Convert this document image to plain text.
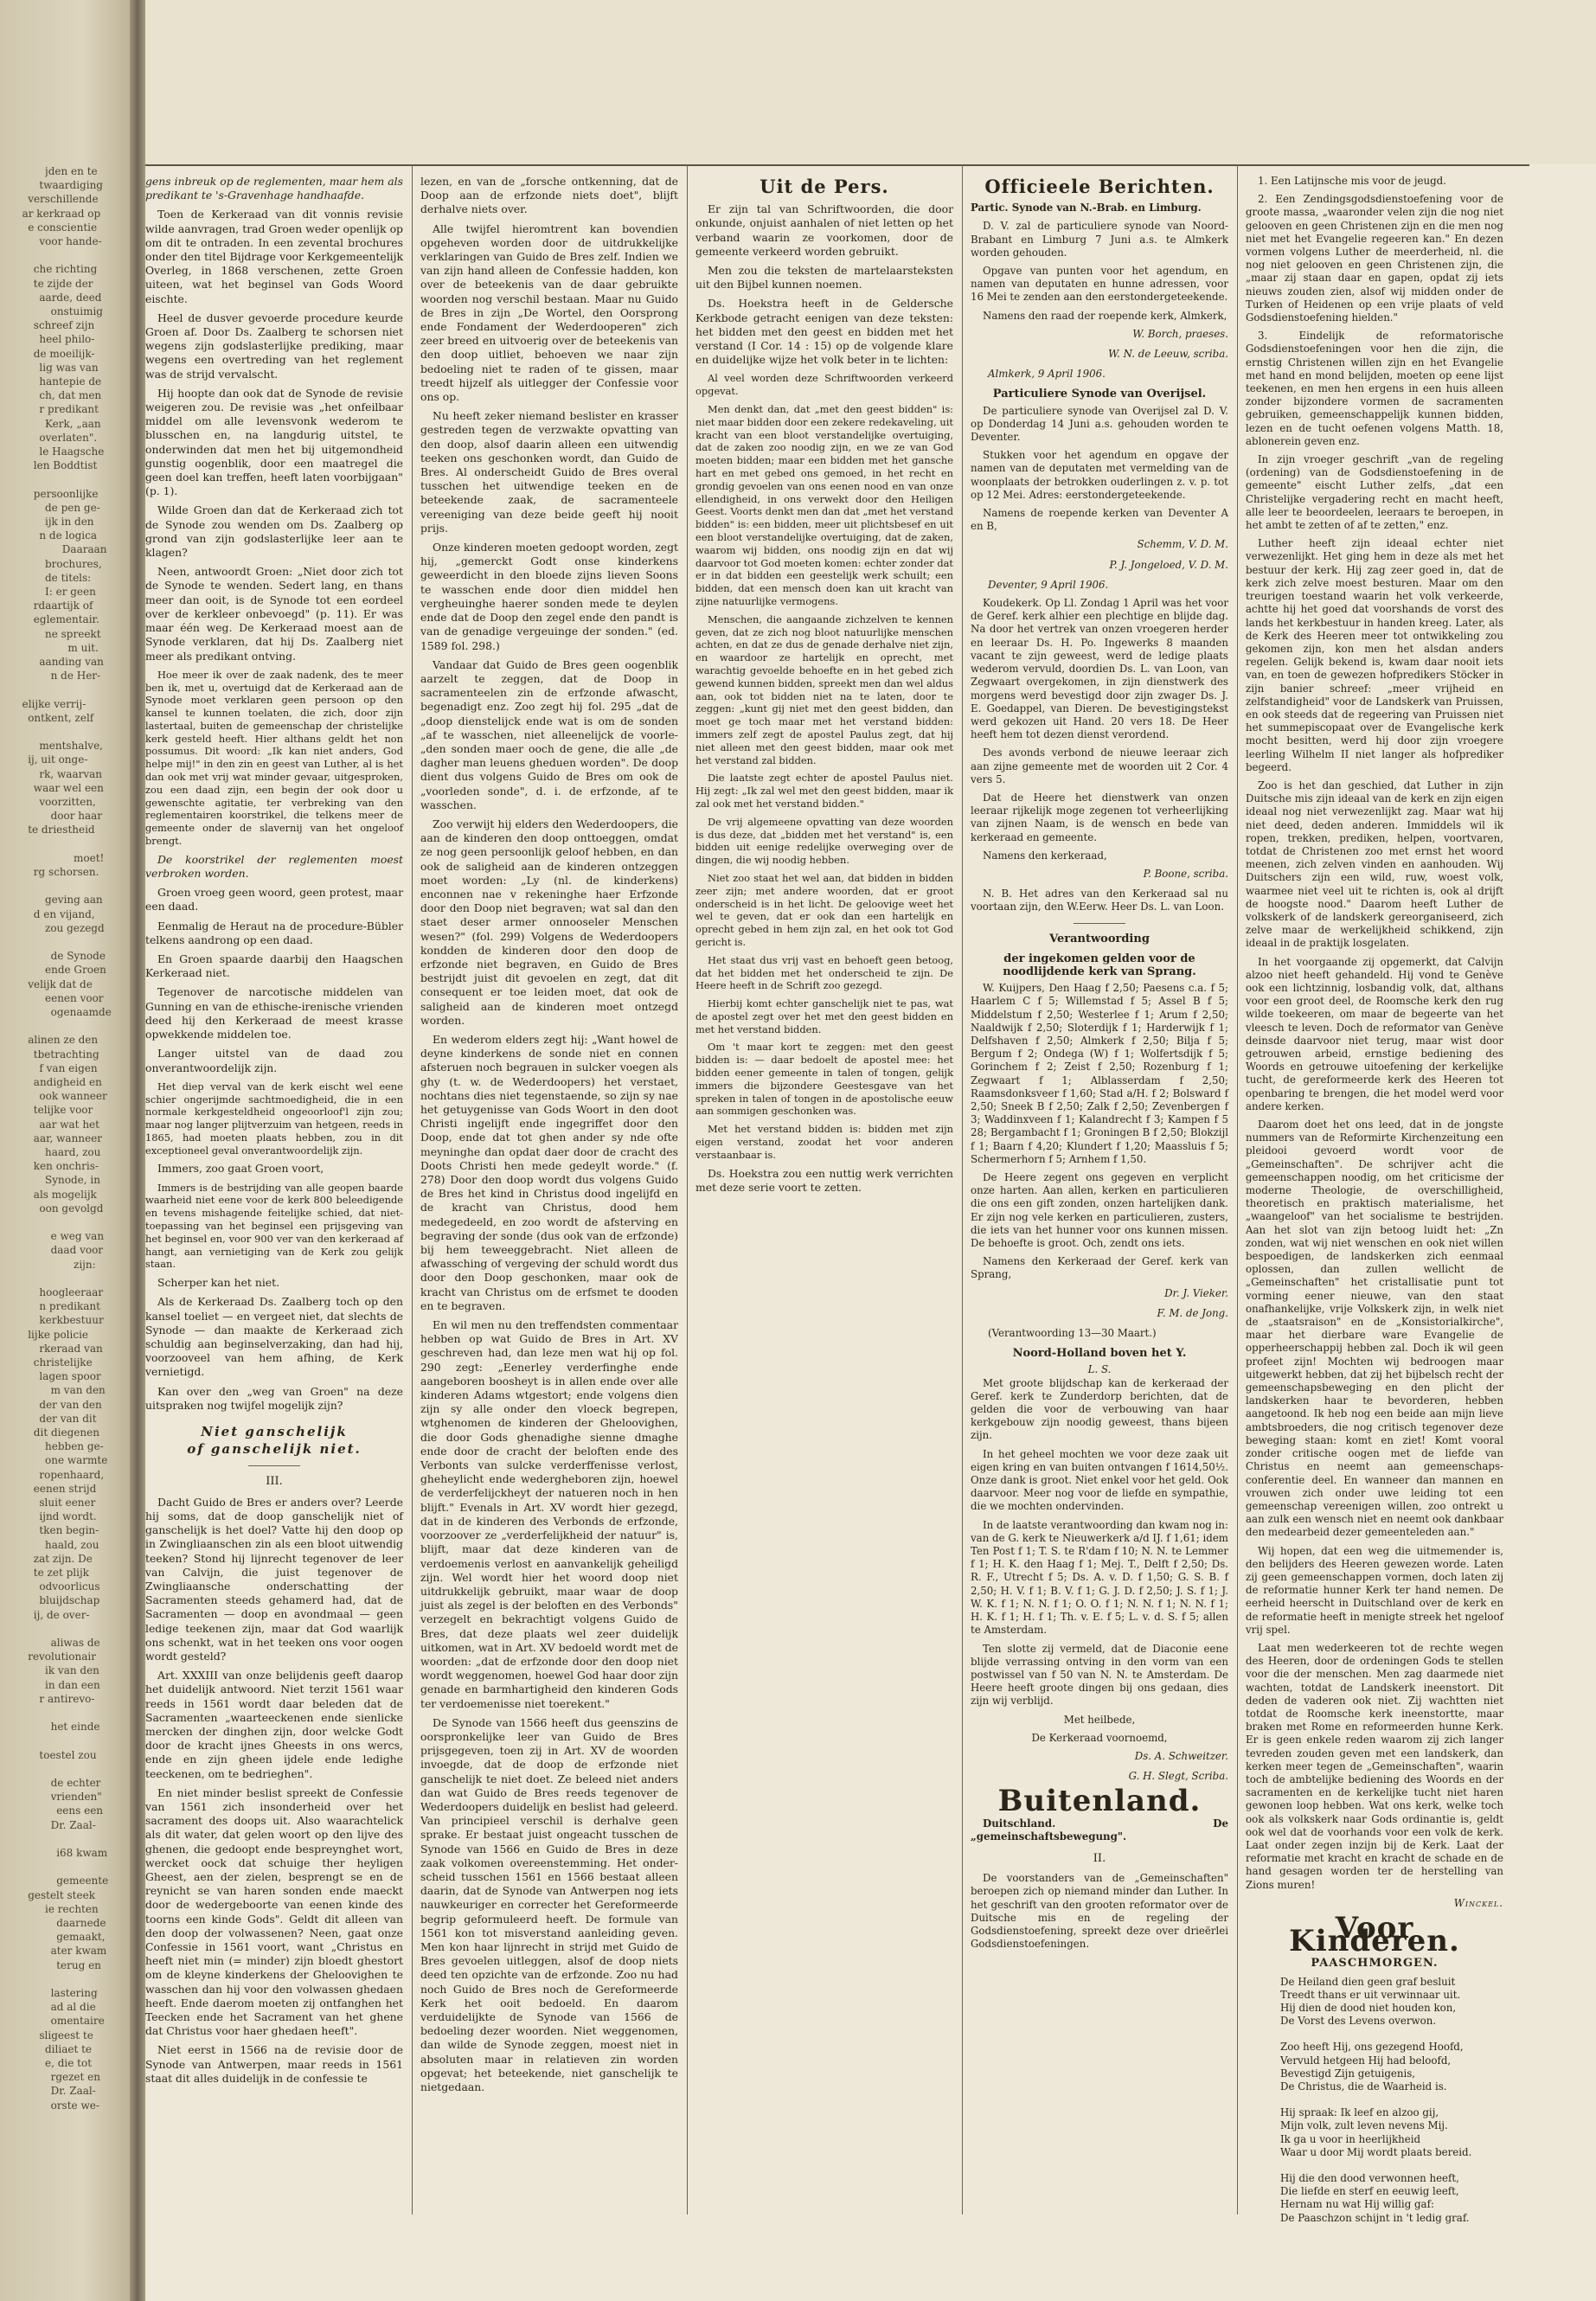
jden en te
twaardiging
verschillende
ar kerkraad op
e conscientie
voor hande-
che richting
te zijde der
aarde, deed
onstuimig
schreef zijn
heel philo-
de moeilijk-
lig was van
hantepie de
ch, dat men
r predikant
Kerk, „aan
overlaten".
le Haagsche
len Boddtist
persoonlijke
de pen ge-
ijk in den
n de logica
Daaraan
brochures,
de titels:
I: er geen
rdaartijk of
eglementair.
ne spreekt
m uit.
aanding van
n de Her-
elijke verrij-
ontkent, zelf
mentshalve,
ij, uit onge-
rk, waarvan
waar wel een
voorzitten,
door haar
te driestheid
moet!
rg schorsen.
geving aan
d en vijand,
zou gezegd
de Synode
ende Groen
velijk dat de
eenen voor
ogenaamde
alinen ze den
tbetrachting
f van eigen
andigheid en
ook wanneer
telijke voor
aar wat het
aar, wanneer
haard, zou
ken onchris-
Synode, in
als mogelijk
oon gevolgd
e weg van
daad voor
zijn:
hoogleeraar
n predikant
kerkbestuur
lijke policie
rkeraad van
christelijke
lagen spoor
m van den
der van den
der van dit
dit diegenen
hebben ge-
one warmte
ropenhaard,
eenen strijd
sluit eener
ijnd wordt.
tken begin-
haald, zou
zat zijn. De
te zet plijk
odvoorlicus
bluijdschap
ij, de over-
aliwas de
revolutionair
ik van den
in dan een
r antirevo-
het einde
toestel zou
de echter
vrienden"
eens een
Dr. Zaal-
i68 kwam
gemeente
gestelt steek
ie rechten
daarnede
gemaakt,
ater kwam
terug en
lastering
ad al die
omentaire
sligeest te
diliaet te
e, die tot
rgezet en
Dr. Zaal-
orste we-

gens inbreuk op de reglementen, maar hem als predikant te 's-Gravenhage handhaafde.

Toen de Kerkeraad van dit vonnis revisie wilde aanvragen, trad Groen weder openlijk op om dit te ontraden. In een zevental brochures onder den titel Bijdrage voor Kerkgemeentelijk Overleg, in 1868 verschenen, zette Groen uiteen, wat het beginsel van Gods Woord eischte.

Heel de dusver gevoerde procedure keurde Groen af. Door Ds. Zaalberg te schorsen niet wegens zijn godslasterlijke prediking, maar wegens een overtreding van het reglement was de strijd vervalscht.

Hij hoopte dan ook dat de Synode de revisie weigeren zou. De revisie was „het onfeilbaar middel om alle levensvonk wederom te blusschen en, na langdurig uitstel, te onderwinden dat men het bij uitgemondheid gunstig oogenblik, door een maatregel die geen doel kan treffen, heeft laten voorbijgaan" (p. 1).

Wilde Groen dan dat de Kerkeraad zich tot de Synode zou wenden om Ds. Zaalberg op grond van zijn godslasterlijke leer aan te klagen?

Neen, antwoordt Groen: „Niet door zich tot de Synode te wenden. Sedert lang, en thans meer dan ooit, is de Synode tot een eordeel over de kerkleer onbevoegd" (p. 11). Er was maar één weg. De Kerkeraad moest aan de Synode verklaren, dat hij Ds. Zaalberg niet meer als predikant ontving.

Hoe meer ik over de zaak nadenk, des te meer ben ik, met u, overtuigd dat de Kerkeraad aan de Synode moet verklaren geen persoon op den kansel te kunnen toelaten, die zich, door zijn lastertaal, buiten de gemeenschap der christelijke kerk gesteld heeft. Hier althans geldt het non possumus. Dit woord: „Ik kan niet anders, God helpe mij!" in den zin en geest van Luther, al is het dan ook met vrij wat minder gevaar, uitgesproken, zou een daad zijn, een begin der ook door u gewenschte agitatie, ter verbreking van den reglementairen koorstrikel, die telkens meer de gemeente onder de slavernij van het ongeloof brengt.

De koorstrikel der reglementen moest verbroken worden.

Groen vroeg geen woord, geen protest, maar een daad.

Eenmalig de Heraut na de procedure-Bübler telkens aandrong op een daad.

En Groen spaarde daarbij den Haagschen Kerkeraad niet.

Tegenover de narcotische middelen van Gunning en van de ethische-irenische vrienden deed hij den Kerkeraad de meest krasse opwekkende middelen toe.

Langer uitstel van de daad zou onverantwoordelijk zijn.

Het diep verval van de kerk eischt wel eene schier ongerijmde sachtmoedigheid, die in een normale kerkgesteldheid ongeoorloof'l zijn zou; maar nog langer plijtverzuim van hetgeen, reeds in 1865, had moeten plaats hebben, zou in dit exceptioneel geval onverantwoordelijk zijn.

Immers, zoo gaat Groen voort,

Immers is de bestrijding van alle geopen baarde waarheid niet eene voor de kerk 800 beleedigende en tevens mishagende feitelijke schied, dat niet-toepassing van het beginsel een prijsgeving van het beginsel en, voor 900 ver van den kerkeraad af hangt, aan vernietiging van de Kerk zou gelijk staan.

Scherper kan het niet.

Als de Kerkeraad Ds. Zaalberg toch op den kansel toeliet — en vergeet niet, dat slechts de Synode — dan maakte de Kerkeraad zich schuldig aan beginselverzaking, dan had hij, voorzooveel van hem afhing, de Kerk vernietigd.

Kan over den „weg van Groen" na deze uitspraken nog twijfel mogelijk zijn?

Niet ganschelijk
of ganschelijk niet.
III.

Dacht Guido de Bres er anders over? Leerde hij soms, dat de doop ganschelijk niet of ganschelijk is het doel? Vatte hij den doop op in Zwingliaanschen zin als een bloot uitwendig teeken? Stond hij lijnrecht tegenover de leer van Calvijn, die juist tegenover de Zwingliaansche onderschatting der Sacramenten steeds gehamerd had, dat de Sacramenten — doop en avondmaal — geen ledige teekenen zijn, maar dat God waarlijk ons schenkt, wat in het teeken ons voor oogen wordt gesteld?

Art. XXXIII van onze belijdenis geeft daarop het duidelijk antwoord. Niet terzit 1561 waar reeds in 1561 wordt daar beleden dat de Sacramenten „waarteeckenen ende sienlicke mercken der dinghen zijn, door welcke Godt door de kracht ijnes Gheests in ons wercs, ende en zijn gheen ijdele ende ledighe teeckenen, om te bedrieghen".

En niet minder beslist spreekt de Confessie van 1561 zich insonderheid over het sacrament des doops uit. Also waarachtelick als dit water, dat gelen woort op den lijve des ghenen, die gedoopt ende bespreynghet wort, wercket oock dat schuige ther heyligen Gheest, aen der zielen, besprengt se en de reynicht se van haren sonden ende maeckt door de wedergeboorte van eenen kinde des toorns een kinde Gods". Geldt dit alleen van den doop der volwassenen? Neen, gaat onze Confessie in 1561 voort, want „Christus en heeft niet min (= minder) zijn bloedt ghestort om de kleyne kinderkens der Gheloovighen te wasschen dan hij voor den volwassen ghedaen heeft. Ende daerom moeten zij ontfanghen het Teecken ende het Sacrament van het ghene dat Christus voor haer ghedaen heeft".

Niet eerst in 1566 na de revisie door de Synode van Antwerpen, maar reeds in 1561 staat dit alles duidelijk in de confessie te

lezen, en van de „forsche ontkenning, dat de Doop aan de erfzonde niets doet", blijft derhalve niets over.

Alle twijfel hieromtrent kan bovendien opgeheven worden door de uitdrukkelijke verklaringen van Guido de Bres zelf. Indien we van zijn hand alleen de Confessie hadden, kon over de beteekenis van de daar gebruikte woorden nog verschil bestaan. Maar nu Guido de Bres in zijn „De Wortel, den Oorsprong ende Fondament der Wederdooperen" zich zeer breed en uitvoerig over de beteekenis van den doop uitliet, behoeven we naar zijn bedoeling niet te raden of te gissen, maar treedt hijzelf als uitlegger der Confessie voor ons op.

Nu heeft zeker niemand beslister en krasser gestreden tegen de verzwakte opvatting van den doop, alsof daarin alleen een uitwendig teeken ons geschonken wordt, dan Guido de Bres. Al onderscheidt Guido de Bres overal tusschen het uitwendige teeken en de beteekende zaak, de sacramenteele vereeniging van deze beide geeft hij nooit prijs.

Onze kinderen moeten gedoopt worden, zegt hij, „gemerckt Godt onse kinderkens geweerdicht in den bloede zijns lieven Soons te wasschen ende door dien middel hen vergheuinghe haerer sonden mede te deylen ende dat de Doop den zegel ende den pandt is van de genadige vergeuinge der sonden." (ed. 1589 fol. 298.)

Vandaar dat Guido de Bres geen oogenblik aarzelt te zeggen, dat de Doop in sacramenteelen zin de erfzonde afwascht, begenadigt enz. Zoo zegt hij fol. 295 „dat de „doop dienstelijck ende wat is om de sonden „af te wasschen, niet alleenelijck de voorle- „den sonden maer ooch de gene, die alle „de dagher man leuens gheduen worden". De doop dient dus volgens Guido de Bres om ook de „voorleden sonde", d. i. de erfzonde, af te wasschen.

Zoo verwijt hij elders den Wederdoopers, die aan de kinderen den doop onttoeggen, omdat ze nog geen persoonlijk geloof hebben, en dan ook de saligheid aan de kinderen ontzeggen moet worden: „Ly (nl. de kinderkens) enconnen nae v rekeninghe haer Erfzonde door den Doop niet begraven; wat sal dan den staet deser armer onnooseler Menschen wesen?" (fol. 299) Volgens de Wederdoopers kondden de kinderen door den doop de erfzonde niet begraven, en Guido de Bres bestrijdt juist dit gevoelen en zegt, dat dit consequent er toe leiden moet, dat ook de saligheid aan de kinderen moet ontzegd worden.

En wederom elders zegt hij: „Want howel de deyne kinderkens de sonde niet en connen afsteruen noch begrauen in sulcker voegen als ghy (t. w. de Wederdoopers) het verstaet, nochtans dies niet tegenstaende, so zijn sy nae het getuygenisse van Gods Woort in den doot Christi ingelijft ende ingegriffet door den Doop, ende dat tot ghen ander sy nde ofte meyninghe dan opdat daer door de cracht des Doots Christi hen mede gedeylt worde." (f. 278) Door den doop wordt dus volgens Guido de Bres het kind in Christus dood ingelijfd en de kracht van Christus, dood hem medegedeeld, en zoo wordt de afsterving en begraving der sonde (dus ook van de erfzonde) bij hem teweeggebracht. Niet alleen de afwassching of vergeving der schuld wordt dus door den Doop geschonken, maar ook de kracht van Christus om de erfsmet te dooden en te begraven.

En wil men nu den treffendsten commentaar hebben op wat Guido de Bres in Art. XV geschreven had, dan leze men wat hij op fol. 290 zegt: „Eenerley verderfinghe ende aangeboren boosheyt is in allen ende over alle kinderen Adams wtgestort; ende volgens dien zijn sy alle onder den vloeck begrepen, wtghenomen de kinderen der Gheloovighen, die door Gods ghenadighe sienne dmaghe ende door de cracht der beloften ende des Verbonts van sulcke verderffenisse verlost, gheheylicht ende wedergheboren zijn, hoewel de verderfelijckheyt der natueren noch in hen blijft." Evenals in Art. XV wordt hier gezegd, dat in de kinderen des Verbonds de erfzonde, voorzoover ze „verderfelijkheid der natuur" is, blijft, maar dat deze kinderen van de verdoemenis verlost en aanvankelijk geheiligd zijn. Wel wordt hier het woord doop niet uitdrukkelijk gebruikt, maar waar de doop juist als zegel is der beloften en des Verbonds" verzegelt en bekrachtigt volgens Guido de Bres, dat deze plaats wel zeer duidelijk uitkomen, wat in Art. XV bedoeld wordt met de woorden: „dat de erfzonde door den doop niet wordt weggenomen, hoewel God haar door zijn genade en barmhartigheid den kinderen Gods ter verdoemenisse niet toerekent."

De Synode van 1566 heeft dus geenszins de oorspronkelijke leer van Guido de Bres prijsgegeven, toen zij in Art. XV de woorden invoegde, dat de doop de erfzonde niet ganschelijk te niet doet. Ze beleed niet anders dan wat Guido de Bres reeds tegenover de Wederdoopers duidelijk en beslist had geleerd. Van principieel verschil is derhalve geen sprake. Er bestaat juist ongeacht tusschen de Synode van 1566 en Guido de Bres in deze zaak volkomen overeenstemming. Het onder- scheid tusschen 1561 en 1566 bestaat alleen daarin, dat de Synode van Antwerpen nog iets nauwkeuriger en correcter het Gereformeerde begrip geformuleerd heeft. De formule van 1561 kon tot misverstand aanleiding geven. Men kon haar lijnrecht in strijd met Guido de Bres gevoelen uitleggen, alsof de doop niets deed ten opzichte van de erfzonde. Zoo nu had noch Guido de Bres noch de Gereformeerde Kerk het ooit bedoeld. En daarom verduidelijkte de Synode van 1566 de bedoeling dezer woorden. Niet weggenomen, dan wilde de Synode zeggen, moest niet in absoluten maar in relatieven zin worden opgevat; het beteekende, niet ganschelijk te nietgedaan.

Uit de Pers.

Er zijn tal van Schriftwoorden, die door onkunde, onjuist aanhalen of niet letten op het verband waarin ze voorkomen, door de gemeente verkeerd worden gebruikt.

Men zou die teksten de martelaarsteksten uit den Bijbel kunnen noemen.

Ds. Hoekstra heeft in de Geldersche Kerkbode getracht eenigen van deze teksten: het bidden met den geest en bidden met het verstand (I Cor. 14 : 15) op de volgende klare en duidelijke wijze het volk beter in te lichten:

Al veel worden deze Schriftwoorden verkeerd opgevat.

Men denkt dan, dat „met den geest bidden" is: niet maar bidden door een zekere redekaveling, uit kracht van een bloot verstandelijke overtuiging, dat de zaken zoo noodig zijn, en we ze van God moeten bidden; maar een bidden met het gansche hart en met gebed ons gemoed, in het recht en grondig gevoelen van ons eenen nood en van onze ellendigheid, in ons verwekt door den Heiligen Geest. Voorts denkt men dan dat „met het verstand bidden" is: een bidden, meer uit plichtsbesef en uit een bloot verstandelijke overtuiging, dat de zaken, waarom wij bidden, ons noodig zijn en dat wij daarvoor tot God moeten komen: echter zonder dat er in dat bidden een geestelijk werk schuilt; een bidden, dat een mensch doen kan uit kracht van zijne natuurlijke vermogens.

Menschen, die aangaande zichzelven te kennen geven, dat ze zich nog bloot natuurlijke menschen achten, en dat ze dus de genade derhalve niet zijn, en waardoor ze hartelijk en oprecht, met warachtig gevoelde behoefte en in het gebed zich gewend kunnen bidden, spreekt men dan wel aldus aan, ook tot bidden niet na te laten, door te zeggen: „kunt gij niet met den geest bidden, dan moet ge toch maar met het verstand bidden: immers zelf zegt de apostel Paulus zegt, dat hij niet alleen met den geest bidden, maar ook met het verstand zal bidden.

Die laatste zegt echter de apostel Paulus niet. Hij zegt: „Ik zal wel met den geest bidden, maar ik zal ook met het verstand bidden."

De vrij algemeene opvatting van deze woorden is dus deze, dat „bidden met het verstand" is, een bidden uit eenige redelijke overweging over de dingen, die wij noodig hebben.

Niet zoo staat het wel aan, dat bidden in bidden zeer zijn; met andere woorden, dat er groot onderscheid is in het licht. De geloovige weet het wel te geven, dat er ook dan een hartelijk en oprecht gebed in hem zijn zal, en het ook tot God gericht is.

Het staat dus vrij vast en behoeft geen betoog, dat het bidden met het onderscheid te zijn. De Heere heeft in de Schrift zoo gezegd.

Hierbij komt echter ganschelijk niet te pas, wat de apostel zegt over het met den geest bidden en met het verstand bidden.

Om 't maar kort te zeggen: met den geest bidden is: — daar bedoelt de apostel mee: het bidden eener gemeente in talen of tongen, gelijk immers die bijzondere Geestesgave van het spreken in talen of tongen in de apostolische eeuw aan sommigen geschonken was.

Met het verstand bidden is: bidden met zijn eigen verstand, zoodat het voor anderen verstaanbaar is.

Ds. Hoekstra zou een nuttig werk verrichten met deze serie voort te zetten.

Officieele Berichten.

Partic. Synode van N.-Brab. en Limburg.

D. V. zal de particuliere synode van Noord-Brabant en Limburg 7 Juni a.s. te Almkerk worden gehouden.

Opgave van punten voor het agendum, en namen van deputaten en hunne adressen, voor 16 Mei te zenden aan den eerstondergeteekende.

Namens den raad der roepende kerk, Almkerk,

W. Borch, praeses.
W. N. de Leeuw, scriba.
Almkerk, 9 April 1906.
Particuliere Synode van Overijsel.

De particuliere synode van Overijsel zal D. V. op Donderdag 14 Juni a.s. gehouden worden te Deventer.

Stukken voor het agendum en opgave der namen van de deputaten met vermelding van de woonplaats der betrokken ouderlingen z. v. p. tot op 12 Mei. Adres: eerstondergeteekende.

Namens de roepende kerken van Deventer A en B,

Schemm, V. D. M.
P. J. Jongeloed, V. D. M.
Deventer, 9 April 1906.

Koudekerk. Op Ll. Zondag 1 April was het voor de Geref. kerk alhier een plechtige en blijde dag. Na door het vertrek van onzen vroegeren herder en leeraar Ds. H. Po. Ingewerks 8 maanden vacant te zijn geweest, werd de ledige plaats wederom vervuld, doordien Ds. L. van Loon, van Zegwaart overgekomen, in zijn dienstwerk des morgens werd bevestigd door zijn zwager Ds. J. E. Goedappel, van Dieren. De bevestigingstekst werd gekozen uit Hand. 20 vers 18. De Heer heeft hem tot dezen dienst verordend.

Des avonds verbond de nieuwe leeraar zich aan zijne gemeente met de woorden uit 2 Cor. 4 vers 5.

Dat de Heere het dienstwerk van onzen leeraar rijkelijk moge zegenen tot verheerlijking van zijnen Naam, is de wensch en bede van kerkeraad en gemeente.

Namens den kerkeraad,

P. Boone, scriba.

N. B. Het adres van den Kerkeraad sal nu voortaan zijn, den W.Eerw. Heer Ds. L. van Loon.

Verantwoording
der ingekomen gelden voor de noodlijdende kerk van Sprang.

W. Kuijpers, Den Haag f 2,50; Paesens c.a. f 5; Haarlem C f 5; Willemstad f 5; Assel B f 5; Middelstum f 2,50; Westerlee f 1; Arum f 2,50; Naaldwijk f 2,50; Sloterdijk f 1; Harderwijk f 1; Delfshaven f 2,50; Almkerk f 2,50; Bilja f 5; Bergum f 2; Ondega (W) f 1; Wolfertsdijk f 5; Gorinchem f 2; Zeist f 2,50; Rozenburg f 1; Zegwaart f 1; Alblasserdam f 2,50; Raamsdonksveer f 1,60; Stad a/H. f 2; Bolsward f 2,50; Sneek B f 2,50; Zalk f 2,50; Zevenbergen f 3; Waddinxveen f 1; Kalandrecht f 3; Kampen f 5 28; Bergambacht f 1; Groningen B f 2,50; Blokzijl f 1; Baarn f 4,20; Klundert f 1,20; Maassluis f 5; Schermerhorn f 5; Arnhem f 1,50.

De Heere zegent ons gegeven en verplicht onze harten. Aan allen, kerken en particulieren die ons een gift zonden, onzen hartelijken dank. Er zijn nog vele kerken en particulieren, zusters, die iets van het hunner voor ons kunnen missen. De behoefte is groot. Och, zendt ons iets.

Namens den Kerkeraad der Geref. kerk van Sprang,

Dr. J. Vieker.
F. M. de Jong.
(Verantwoording 13—30 Maart.)
Noord-Holland boven het Y.
L. S.

Met groote blijdschap kan de kerkeraad der Geref. kerk te Zunderdorp berichten, dat de gelden die voor de verbouwing van haar kerkgebouw zijn noodig geweest, thans bijeen zijn.

In het geheel mochten we voor deze zaak uit eigen kring en van buiten ontvangen f 1614,50½. Onze dank is groot. Niet enkel voor het geld. Ook daarvoor. Meer nog voor de liefde en sympathie, die we mochten ondervinden.

In de laatste verantwoording dan kwam nog in: van de G. kerk te Nieuwerkerk a/d IJ. f 1,61; idem Ten Post f 1; T. S. te R'dam f 10; N. N. te Lemmer f 1; H. K. den Haag f 1; Mej. T., Delft f 2,50; Ds. R. F., Utrecht f 5; Ds. A. v. D. f 1,50; G. S. B. f 2,50; H. V. f 1; B. V. f 1; G. J. D. f 2,50; J. S. f 1; J. W. K. f 1; N. N. f 1; O. O. f 1; N. N. f 1; N. N. f 1; H. K. f 1; H. f 1; Th. v. E. f 5; L. v. d. S. f 5; allen te Amsterdam.

Ten slotte zij vermeld, dat de Diaconie eene blijde verrassing ontving in den vorm van een postwissel van f 50 van N. N. te Amsterdam. De Heere heeft groote dingen bij ons gedaan, dies zijn wij verblijd.

Met heilbede,

De Kerkeraad voornoemd,

Ds. A. Schweitzer.
G. H. Slegt, Scriba.
Buitenland.

Duitschland. De „gemeinschaftsbewegung".

II.

De voorstanders van de „Gemeinschaften" beroepen zich op niemand minder dan Luther. In het geschrift van den grooten reformator over de Duitsche mis en de regeling der Godsdienstoefening, spreekt deze over drieërlei Godsdienstoefeningen.

1. Een Latijnsche mis voor de jeugd.

2. Een Zendingsgodsdienstoefening voor de groote massa, „waaronder velen zijn die nog niet gelooven en geen Christenen zijn en die men nog niet met het Evangelie regeeren kan." En dezen vormen volgens Luther de meerderheid, nl. die nog niet gelooven en geen Christenen zijn, die „maar zij staan daar en gapen, opdat zij iets nieuws zouden zien, alsof wij midden onder de Turken of Heidenen op een vrije plaats of veld Godsdienstoefening hielden."

3. Eindelijk de reformatorische Godsdienstoefeningen voor hen die zijn, die ernstig Christenen willen zijn en het Evangelie met hand en mond belijden, moeten op eene lijst teekenen, en men hen ergens in een huis alleen zonder bijzondere vormen de sacramenten gebruiken, gemeenschappelijk kunnen bidden, lezen en de tucht oefenen volgens Matth. 18, ablonerein geven enz.

In zijn vroeger geschrift „van de regeling (ordening) van de Godsdienstoefening in de gemeente" eischt Luther zelfs, „dat een Christelijke vergadering recht en macht heeft, alle leer te beoordeelen, leeraars te beroepen, in het ambt te zetten of af te zetten," enz.

Luther heeft zijn ideaal echter niet verwezenlijkt. Het ging hem in deze als met het bestuur der kerk. Hij zag zeer goed in, dat de kerk zich zelve moest besturen. Maar om den treurigen toestand waarin het volk verkeerde, achtte hij het goed dat voorshands de vorst des lands het kerkbestuur in handen kreeg. Later, als de Kerk des Heeren meer tot ontwikkeling zou gekomen zijn, kon men het alsdan anders regelen. Gelijk bekend is, kwam daar nooit iets van, en toen de gewezen hofpredikers Stöcker in zijn banier schreef: „meer vrijheid en zelfstandigheid" voor de Landskerk van Pruissen, en ook steeds dat de regeering van Pruissen niet het summepiscopaat over de Evangelische kerk mocht besitten, werd hij door zijn vroegere leerling Wilhelm II niet langer als hofprediker begeerd.

Zoo is het dan geschied, dat Luther in zijn Duitsche mis zijn ideaal van de kerk en zijn eigen ideaal nog niet verwezenlijkt zag. Maar wat hij niet deed, deden anderen. Immiddels wil ik ropen, trekken, prediken, helpen, voortvaren, totdat de Christenen zoo met ernst het woord meenen, zich zelven vinden en aanhouden. Wij Duitschers zijn een wild, ruw, woest volk, waarmee niet veel uit te richten is, ook al drijft de hoogste nood." Daarom heeft Luther de volkskerk of de landskerk gereorganiseerd, zich zelve maar de werkelijkheid schikkend, zijn ideaal in de praktijk losgelaten.

In het voorgaande zij opgemerkt, dat Calvijn alzoo niet heeft gehandeld. Hij vond te Genève ook een lichtzinnig, losbandig volk, dat, althans voor een groot deel, de Roomsche kerk den rug wilde toekeeren, om maar de begeerte van het vleesch te leven. Doch de reformator van Genève deinsde daarvoor niet terug, maar wist door getrouwen arbeid, ernstige bediening des Woords en getrouwe uitoefening der kerkelijke tucht, de gereformeerde kerk des Heeren tot openbaring te brengen, die het model werd voor andere kerken.

Daarom doet het ons leed, dat in de jongste nummers van de Reformirte Kirchenzeitung een pleidooi gevoerd wordt voor de „Gemeinschaften". De schrijver acht die gemeenschappen noodig, om het criticisme der moderne Theologie, de overschilligheid, theoretisch en praktisch materialisme, het „waangeloof" van het socialisme te bestrijden. Aan het slot van zijn betoog luidt het: „Zn zonden, wat wij niet wenschen en ook niet willen bespoedigen, de landskerken zich eenmaal oplossen, dan zullen wellicht de „Gemeinschaften" het cristallisatie punt tot vorming eener nieuwe, van den staat onafhankelijke, vrije Volkskerk zijn, in welk niet de „staatsraison" en de „Konsistorialkirche", maar het dierbare ware Evangelie de opperheerschappij hebben zal. Doch ik wil geen profeet zijn! Mochten wij bedroogen maar uitgewerkt hebben, dat zij het bijbelsch recht der gemeenschapsbeweging en den plicht der landskerken haar te bevorderen, hebben aangetoond. Ik heb nog een beide aan mijn lieve ambtsbroeders, die nog critisch tegenover deze beweging staan: komt en ziet! Komt vooral zonder critische oogen met de liefde van Christus en neemt aan gemeenschaps-conferentie deel. En wanneer dan mannen en vrouwen zich onder uwe leiding tot een gemeenschap vereenigen willen, zoo ontrekt u aan zulk een wensch niet en neemt ook dankbaar den medearbeid dezer gemeenteleden aan."

Wij hopen, dat een weg die uitmemender is, den belijders des Heeren gewezen worde. Laten zij geen gemeenschappen vormen, doch laten zij de reformatie hunner Kerk ter hand nemen. De eerheid heerscht in Duitschland over de kerk en de reformatie heeft in menigte streek het ngeloof vrij spel.

Laat men wederkeeren tot de rechte wegen des Heeren, door de ordeningen Gods te stellen voor die der menschen. Men zag daarmede niet wachten, totdat de Landskerk ineenstort. Dit deden de vaderen ook niet. Zij wachtten niet totdat de Roomsche kerk ineenstortte, maar braken met Rome en reformeerden hunne Kerk. Er is geen enkele reden waarom zij zich langer tevreden zouden geven met een landskerk, dan kerken meer tegen de „Gemeinschaften", waarin toch de ambtelijke bediening des Woords en der sacramenten en de kerkelijke tucht niet haren gewonen loop hebben. Wat ons kerk, welke toch ook als volkskerk naar Gods ordinantie is, geldt ook wel dat de voorhands voor een volk de kerk. Laat onder zegen inzijn bij de Kerk. Laat der reformatie met kracht en kracht de schade en de hand gesagen worden ter de herstelling van Zions muren!

Winckel.
Voor Kinderen.
PAASCHMORGEN.
De Heiland dien geen graf besluit
Treedt thans er uit verwinnaar uit.
Hij dien de dood niet houden kon,
De Vorst des Levens overwon.
Zoo heeft Hij, ons gezegend Hoofd,
Vervuld hetgeen Hij had beloofd,
Bevestigd Zijn getuigenis,
De Christus, die de Waarheid is.
Hij spraak: Ik leef en alzoo gij,
Mijn volk, zult leven nevens Mij.
Ik ga u voor in heerlijkheid
Waar u door Mij wordt plaats bereid.
Hij die den dood verwonnen heeft,
Die liefde en sterf en eeuwig leeft,
Hernam nu wat Hij willig gaf:
De Paaschzon schijnt in 't ledig graf.
